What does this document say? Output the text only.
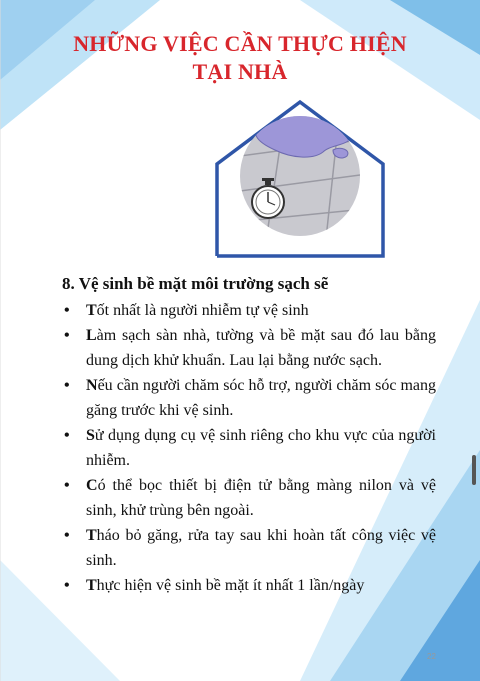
NHỮNG VIỆC CẦN THỰC HIỆN
TẠI NHÀ
8. Vệ sinh bề mặt môi trường sạch sẽ
• Tốt nhất là người nhiễm tự vệ sinh
• Làm sạch sàn nhà, tường và bề mặt sau đó lau bằng dung dịch khử khuẩn. Lau lại bằng nước sạch.
• Nếu cần người chăm sóc hỗ trợ, người chăm sóc mang găng trước khi vệ sinh.
• Sử dụng dụng cụ vệ sinh riêng cho khu vực của người nhiễm.
• Có thể bọc thiết bị điện tử bằng màng nilon và vệ sinh, khử trùng bên ngoài.
• Tháo bỏ găng, rửa tay sau khi hoàn tất công việc vệ sinh.
• Thực hiện vệ sinh bề mặt ít nhất 1 lần/ngày
22
